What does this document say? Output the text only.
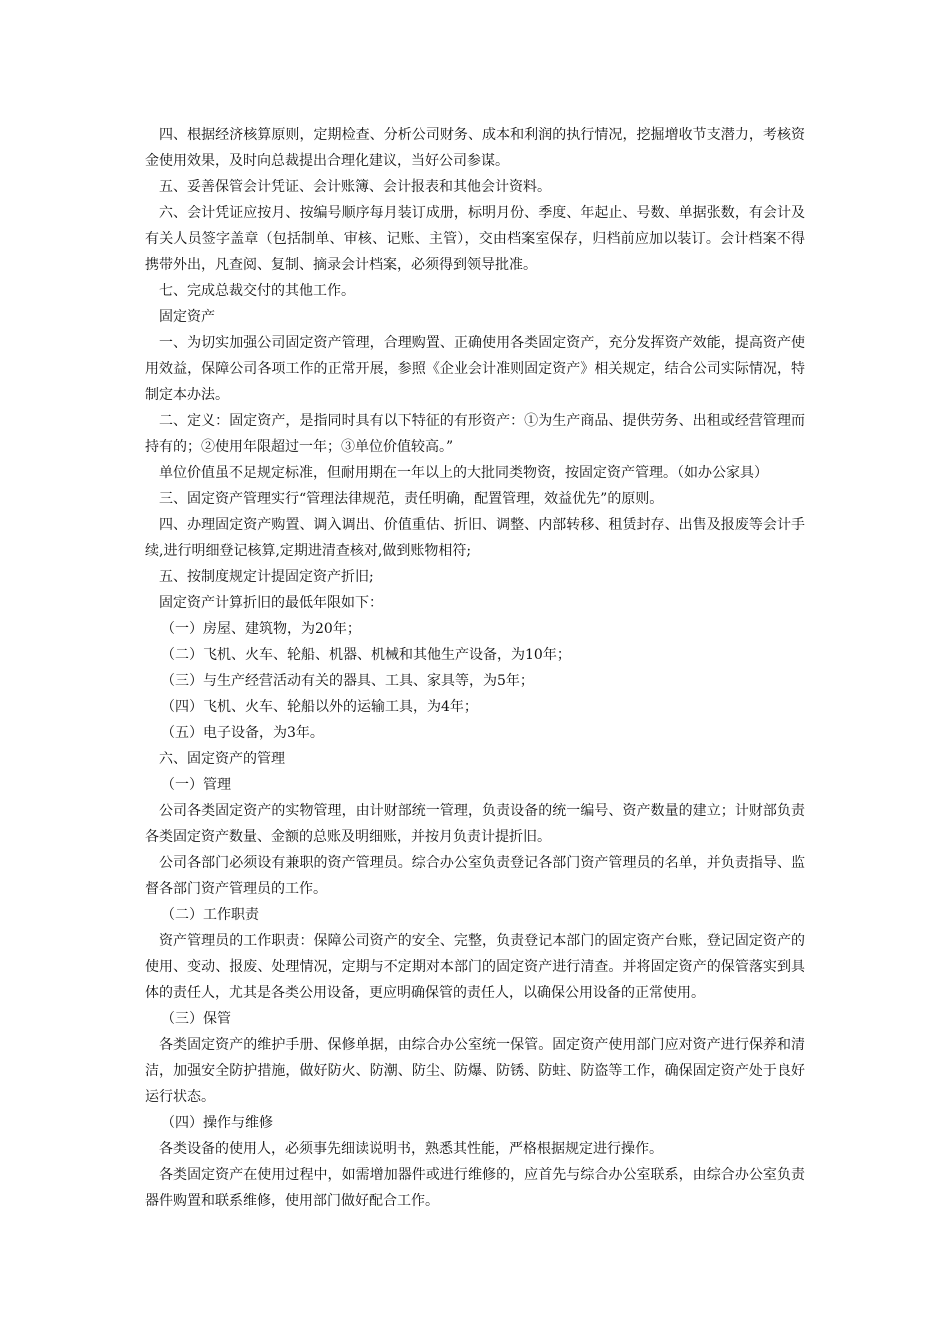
四、根据经济核算原则，定期检查、分析公司财务、成本和利润的执行情况，挖掘增收节支潜力，考核资金使用效果，及时向总裁提出合理化建议，当好公司参谋。

五、妥善保管会计凭证、会计账簿、会计报表和其他会计资料。

六、会计凭证应按月、按编号顺序每月装订成册，标明月份、季度、年起止、号数、单据张数，有会计及有关人员签字盖章（包括制单、审核、记账、主管），交由档案室保存，归档前应加以装订。会计档案不得携带外出，凡查阅、复制、摘录会计档案，必须得到领导批准。

七、完成总裁交付的其他工作。

固定资产

一、为切实加强公司固定资产管理，合理购置、正确使用各类固定资产，充分发挥资产效能，提高资产使用效益，保障公司各项工作的正常开展，参照《企业会计准则固定资产》相关规定，结合公司实际情况，特制定本办法。

二、定义：固定资产，是指同时具有以下特征的有形资产：①为生产商品、提供劳务、出租或经营管理而持有的；②使用年限超过一年；③单位价值较高。”

单位价值虽不足规定标准，但耐用期在一年以上的大批同类物资，按固定资产管理。（如办公家具）

三、固定资产管理实行“管理法律规范，责任明确，配置管理，效益优先”的原则。

四、办理固定资产购置、调入调出、价值重估、折旧、调整、内部转移、租赁封存、出售及报废等会计手续,进行明细登记核算,定期进清查核对,做到账物相符;

五、按制度规定计提固定资产折旧;

固定资产计算折旧的最低年限如下：

（一）房屋、建筑物，为20年；

（二）飞机、火车、轮船、机器、机械和其他生产设备，为10年；

（三）与生产经营活动有关的器具、工具、家具等，为5年；

（四）飞机、火车、轮船以外的运输工具，为4年；

（五）电子设备，为3年。

六、固定资产的管理

（一）管理

公司各类固定资产的实物管理，由计财部统一管理，负责设备的统一编号、资产数量的建立；计财部负责各类固定资产数量、金额的总账及明细账，并按月负责计提折旧。

公司各部门必须设有兼职的资产管理员。综合办公室负责登记各部门资产管理员的名单，并负责指导、监督各部门资产管理员的工作。

（二）工作职责

资产管理员的工作职责：保障公司资产的安全、完整，负责登记本部门的固定资产台账，登记固定资产的使用、变动、报废、处理情况，定期与不定期对本部门的固定资产进行清查。并将固定资产的保管落实到具体的责任人，尤其是各类公用设备，更应明确保管的责任人，以确保公用设备的正常使用。

（三）保管

各类固定资产的维护手册、保修单据，由综合办公室统一保管。固定资产使用部门应对资产进行保养和清洁，加强安全防护措施，做好防火、防潮、防尘、防爆、防锈、防蛀、防盗等工作，确保固定资产处于良好运行状态。

（四）操作与维修

各类设备的使用人，必须事先细读说明书，熟悉其性能，严格根据规定进行操作。

各类固定资产在使用过程中，如需增加器件或进行维修的，应首先与综合办公室联系，由综合办公室负责器件购置和联系维修，使用部门做好配合工作。
